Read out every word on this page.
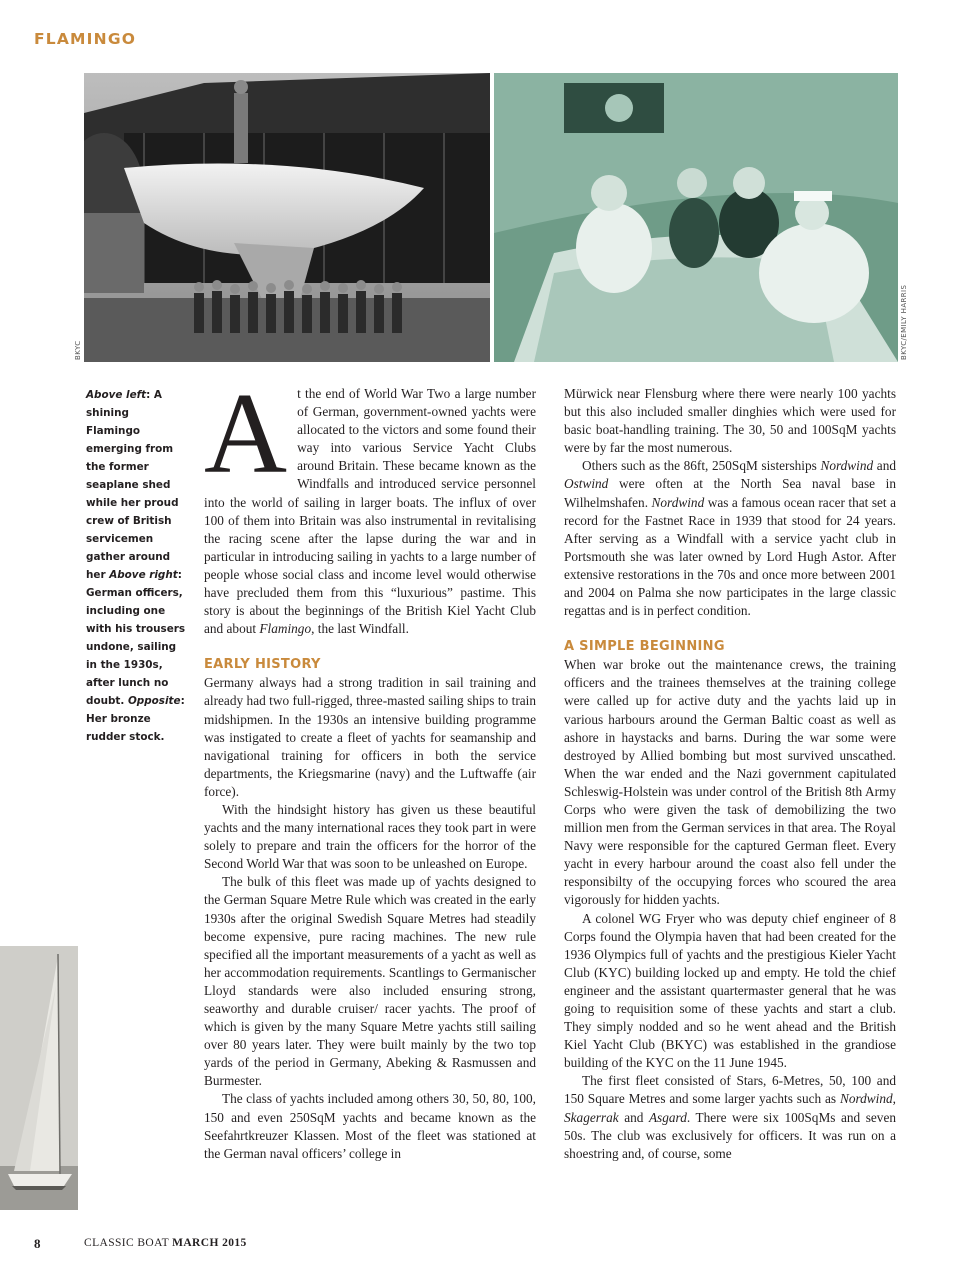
FLAMINGO
BKYC	BKYC/EMILY HARRIS
Above left: A shining Flamingo emerging from the former seaplane shed while her proud crew of British servicemen gather around her Above right: German officers, including one with his trousers undone, sailing in the 1930s, after lunch no doubt. Opposite: Her bronze rudder stock.

At the end of World War Two a large number of German, government-owned yachts were allocated to the victors and some found their way into various Service Yacht Clubs around Britain. These became known as the Windfalls and introduced service personnel into the world of sailing in larger boats. The influx of over 100 of them into Britain was also instrumental in revitalising the racing scene after the lapse during the war and in particular in introducing sailing in yachts to a large number of people whose social class and income level would otherwise have precluded them from this “luxurious” pastime. This story is about the beginnings of the British Kiel Yacht Club and about Flamingo, the last Windfall.

EARLY HISTORY

Germany always had a strong tradition in sail training and already had two full-rigged, three-masted sailing ships to train midshipmen. In the 1930s an intensive building programme was instigated to create a fleet of yachts for seamanship and navigational training for officers in both the service departments, the Kriegsmarine (navy) and the Luftwaffe (air force).

With the hindsight history has given us these beautiful yachts and the many international races they took part in were solely to prepare and train the officers for the horror of the Second World War that was soon to be unleashed on Europe.

The bulk of this fleet was made up of yachts designed to the German Square Metre Rule which was created in the early 1930s after the original Swedish Square Metres had steadily become expensive, pure racing machines. The new rule specified all the important measurements of a yacht as well as her accommodation requirements. Scantlings to Germanischer Lloyd standards were also included ensuring strong, seaworthy and durable cruiser/ racer yachts. The proof of which is given by the many Square Metre yachts still sailing over 80 years later. They were built mainly by the two top yards of the period in Germany, Abeking & Rasmussen and Burmester.

The class of yachts included among others 30, 50, 80, 100, 150 and even 250SqM yachts and became known as the Seefahrtkreuzer Klassen. Most of the fleet was stationed at the German naval officers’ college in

Mürwick near Flensburg where there were nearly 100 yachts but this also included smaller dinghies which were used for basic boat-handling training. The 30, 50 and 100SqM yachts were by far the most numerous.

Others such as the 86ft, 250SqM sisterships Nordwind and Ostwind were often at the North Sea naval base in Wilhelmshafen. Nordwind was a famous ocean racer that set a record for the Fastnet Race in 1939 that stood for 24 years. After serving as a Windfall with a service yacht club in Portsmouth she was later owned by Lord Hugh Astor. After extensive restorations in the 70s and once more between 2001 and 2004 on Palma she now participates in the large classic regattas and is in perfect condition.

A SIMPLE BEGINNING

When war broke out the maintenance crews, the training officers and the trainees themselves at the training college were called up for active duty and the yachts laid up in various harbours around the German Baltic coast as well as ashore in haystacks and barns. During the war some were destroyed by Allied bombing but most survived unscathed. When the war ended and the Nazi government capitulated Schleswig-Holstein was under control of the British 8th Army Corps who were given the task of demobilizing the two million men from the German services in that area. The Royal Navy were responsible for the captured German fleet. Every yacht in every harbour around the coast also fell under the responsibilty of the occupying forces who scoured the area vigorously for hidden yachts.

A colonel WG Fryer who was deputy chief engineer of 8 Corps found the Olympia haven that had been created for the 1936 Olympics full of yachts and the prestigious Kieler Yacht Club (KYC) building locked up and empty. He told the chief engineer and the assistant quartermaster general that he was going to requisition some of these yachts and start a club. They simply nodded and so he went ahead and the British Kiel Yacht Club (BKYC) was established in the grandiose building of the KYC on the 11 June 1945.

The first fleet consisted of Stars, 6-Metres, 50, 100 and 150 Square Metres and some larger yachts such as Nordwind, Skagerrak and Asgard. There were six 100SqMs and seven 50s. The club was exclusively for officers. It was run on a shoestring and, of course, some

8	CLASSIC BOAT MARCH 2015
